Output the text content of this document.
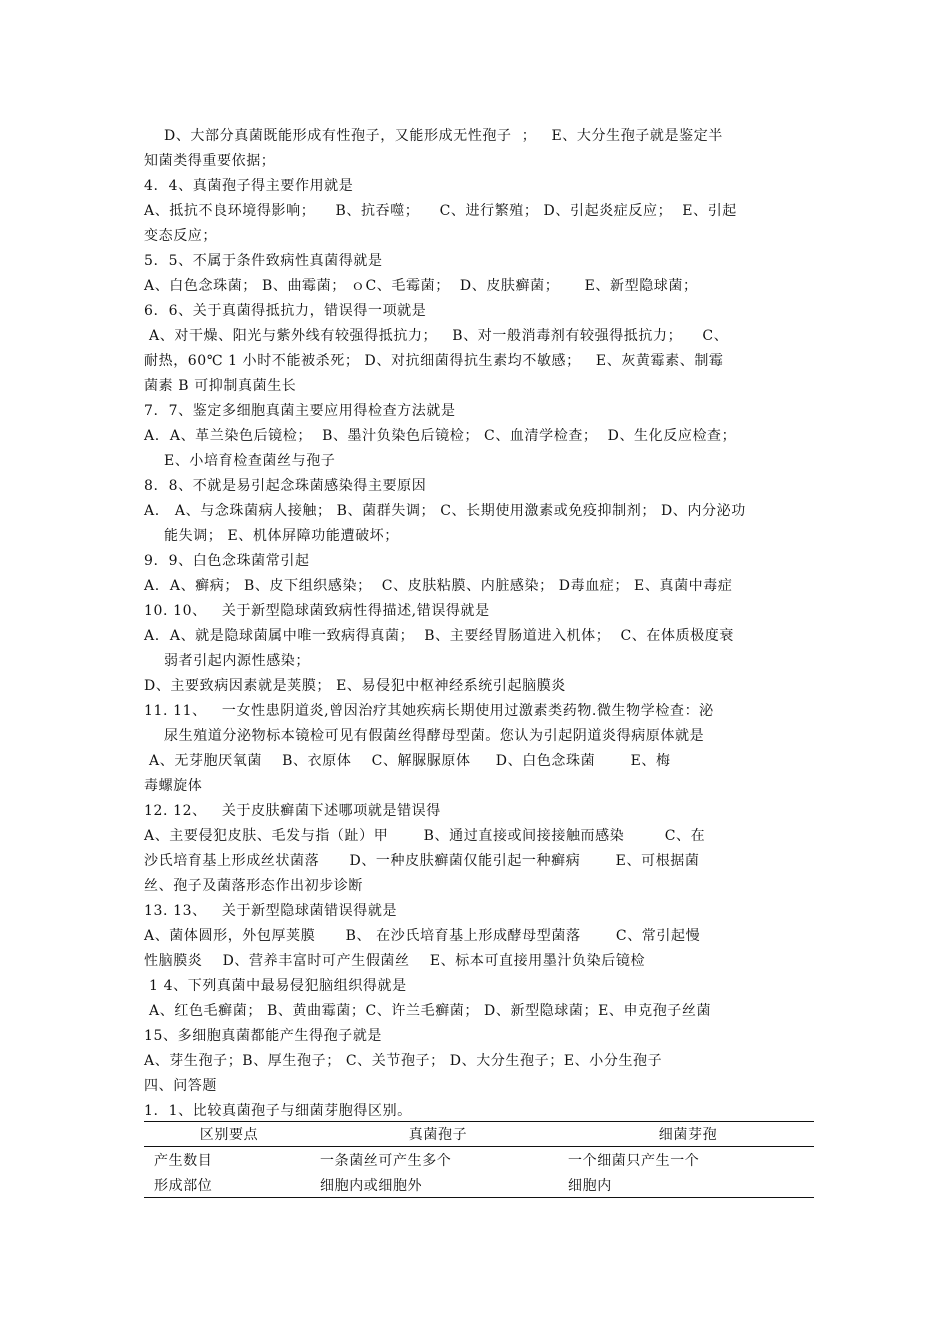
D、大部分真菌既能形成有性孢子，又能形成无性孢子  ；   E、大分生孢子就是鉴定半
知菌类得重要依据；
4.  4、真菌孢子得主要作用就是
A、抵抗不良环境得影响；    B、抗吞噬；    C、进行繁殖； D、引起炎症反应；  E、引起
变态反应；
5.  5、不属于条件致病性真菌得就是
A、白色念珠菌； B、曲霉菌； ｏC、毛霉菌；  D、皮肤癣菌；     E、新型隐球菌；
6.  6、关于真菌得抵抗力，错误得一项就是
A、对干燥、阳光与紫外线有较强得抵抗力；   B、对一般消毒剂有较强得抵抗力；    C、
耐热，60℃ 1 小时不能被杀死； D、对抗细菌得抗生素均不敏感；   E、灰黄霉素、制霉
菌素 B 可抑制真菌生长
7.  7、鉴定多细胞真菌主要应用得检查方法就是
A.  A、革兰染色后镜检；  B、墨汁负染色后镜检； C、血清学检查；  D、生化反应检查；
E、小培育检查菌丝与孢子
8.  8、不就是易引起念珠菌感染得主要原因
A.   A、与念珠菌病人接触； B、菌群失调； C、长期使用激素或免疫抑制剂； D、内分泌功
能失调； E、机体屏障功能遭破坏；
9.  9、白色念珠菌常引起
A.  A、癣病； B、皮下组织感染；  C、皮肤粘膜、内脏感染； D毒血症； E、真菌中毒症
10. 10、   关于新型隐球菌致病性得描述,错误得就是
A.  A、就是隐球菌属中唯一致病得真菌；  B、主要经胃肠道进入机体；  C、在体质极度衰
弱者引起内源性感染；
D、主要致病因素就是荚膜； E、易侵犯中枢神经系统引起脑膜炎
11. 11、   一女性患阴道炎,曾因治疗其她疾病长期使用过激素类药物.微生物学检查：泌
尿生殖道分泌物标本镜检可见有假菌丝得酵母型菌。您认为引起阴道炎得病原体就是
A、无芽胞厌氧菌    B、衣原体    C、解脲脲原体     D、白色念珠菌       E、梅
毒螺旋体
12. 12、   关于皮肤癣菌下述哪项就是错误得
A、主要侵犯皮肤、毛发与指（趾）甲       B、通过直接或间接接触而感染        C、在
沙氏培育基上形成丝状菌落      D、一种皮肤癣菌仅能引起一种癣病       E、可根据菌
丝、孢子及菌落形态作出初步诊断
13. 13、   关于新型隐球菌错误得就是
A、菌体圆形，外包厚荚膜      B、 在沙氏培育基上形成酵母型菌落       C、常引起慢
性脑膜炎    D、营养丰富时可产生假菌丝    E、标本可直接用墨汁负染后镜检
1 4、下列真菌中最易侵犯脑组织得就是
A、红色毛癣菌； B、黄曲霉菌；C、许兰毛癣菌； D、新型隐球菌；E、申克孢子丝菌
15、多细胞真菌都能产生得孢子就是
A、芽生孢子；B、厚生孢子； C、关节孢子； D、大分生孢子；E、小分生孢子
四、问答题
1.  1、比较真菌孢子与细菌芽胞得区别。
区别要点	真菌孢子	细菌芽孢
产生数目	一条菌丝可产生多个	一个细菌只产生一个
形成部位	细胞内或细胞外	细胞内
